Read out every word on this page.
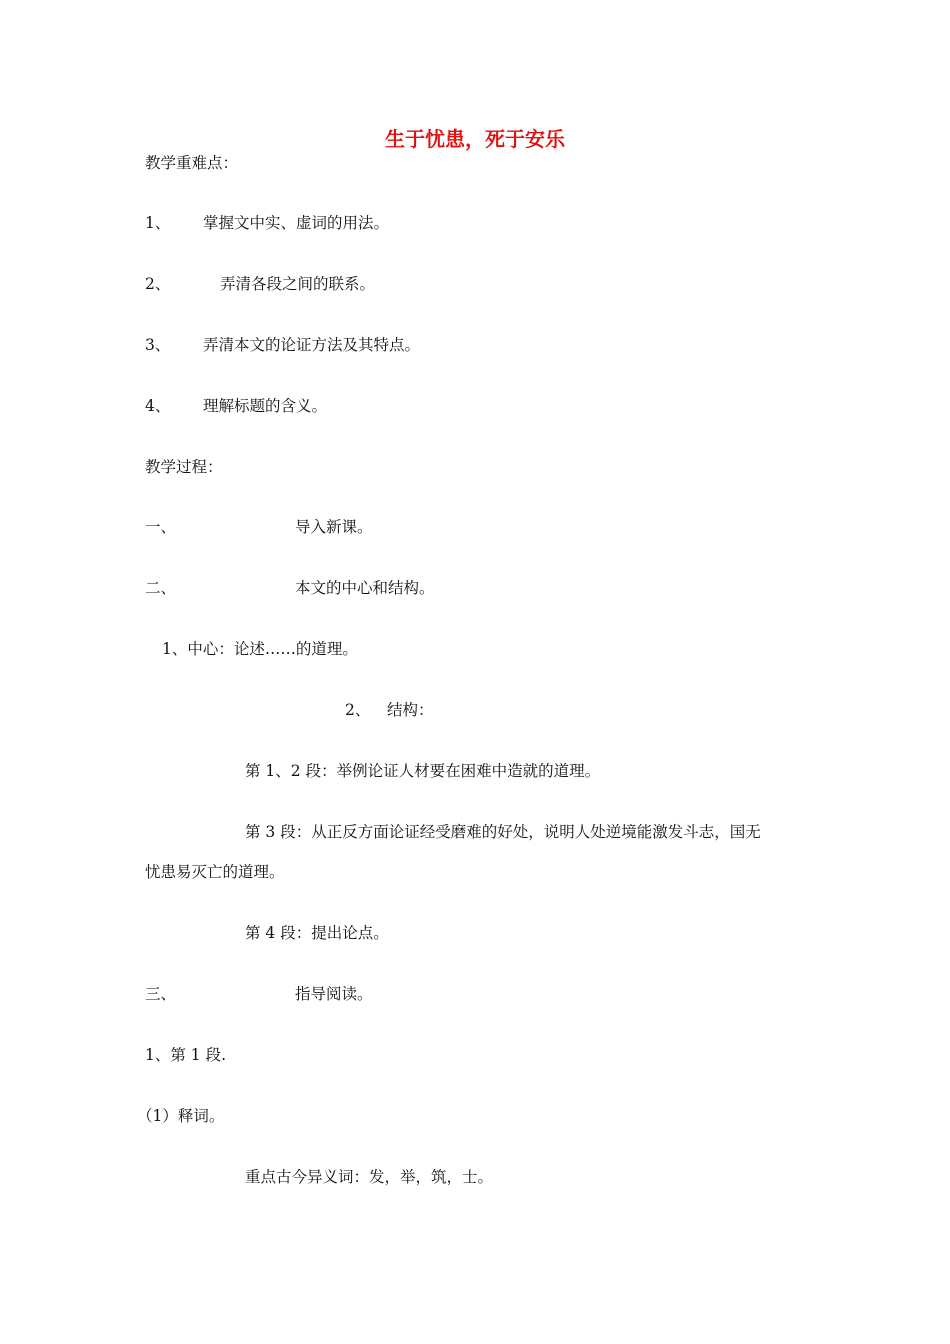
生于忧患，死于安乐
教学重难点：
1、 掌握文中实、虚词的用法。
2、	弄清各段之间的联系。
3、 弄清本文的论证方法及其特点。
4、 理解标题的含义。
教学过程：
一、	导入新课。
二、	本文的中心和结构。
1、中心：论述……的道理。
2、 结构：
第 1、2 段：举例论证人材要在困难中造就的道理。
第 3 段：从正反方面论证经受磨难的好处，说明人处逆境能激发斗志，国无
忧患易灭亡的道理。
第 4 段：提出论点。
三、	指导阅读。
1、第 1 段.
（1）释词。
重点古今异义词：发，举，筑，士。
